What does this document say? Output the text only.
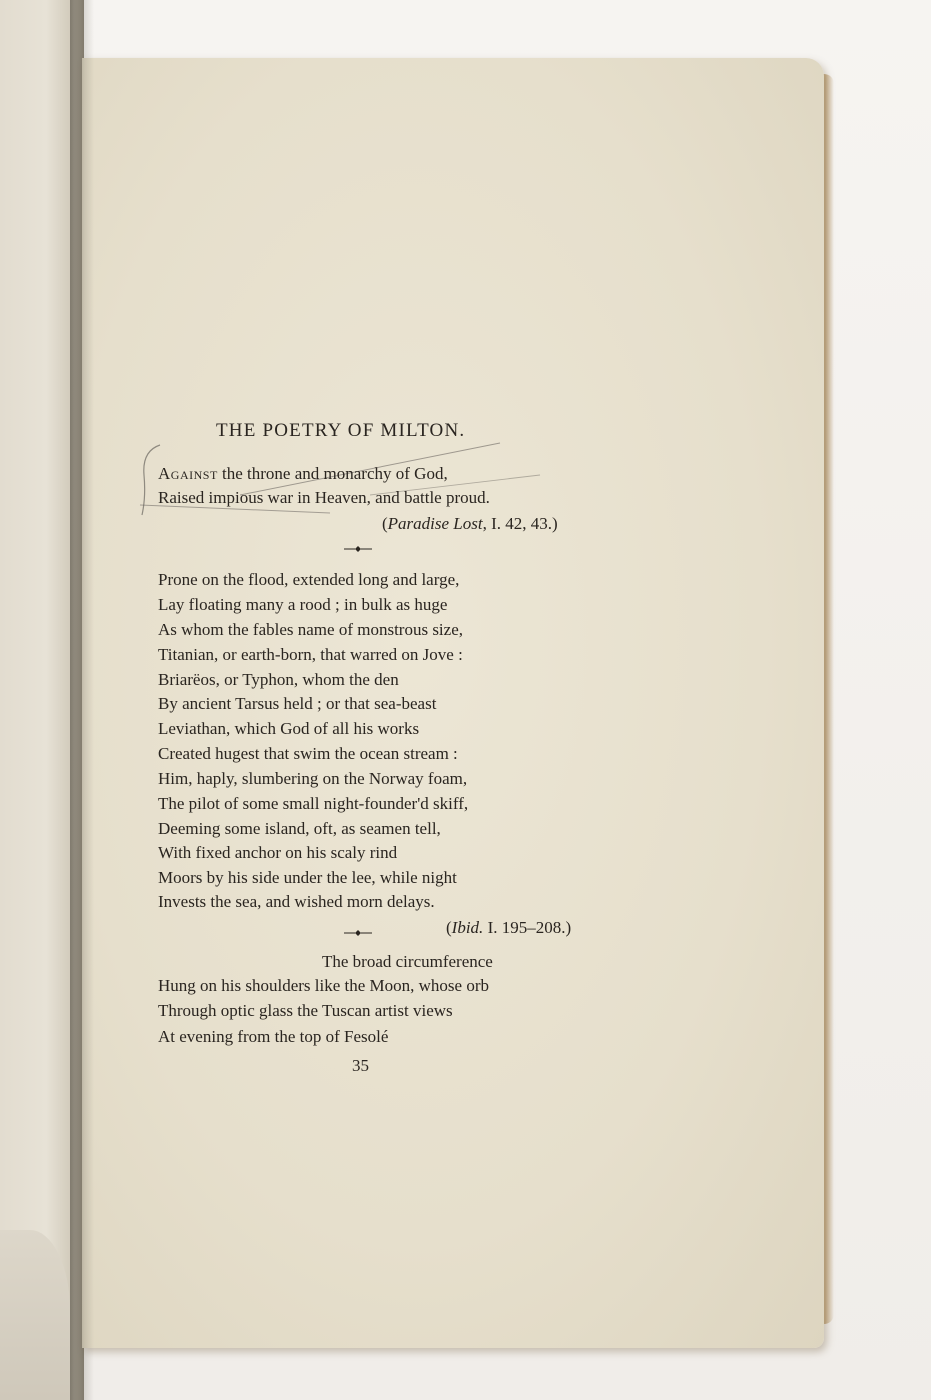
THE POETRY OF MILTON.
Against the throne and monarchy of God,
Raised impious war in Heaven, and battle proud.
(Paradise Lost, I. 42, 43.)
Prone on the flood, extended long and large,
Lay floating many a rood ; in bulk as huge
As whom the fables name of monstrous size,
Titanian, or earth-born, that warred on Jove :
Briarëos, or Typhon, whom the den
By ancient Tarsus held ; or that sea-beast
Leviathan, which God of all his works
Created hugest that swim the ocean stream :
Him, haply, slumbering on the Norway foam,
The pilot of some small night-founder'd skiff,
Deeming some island, oft, as seamen tell,
With fixed anchor on his scaly rind
Moors by his side under the lee, while night
Invests the sea, and wished morn delays.
(Ibid. I. 195–208.)
The broad circumference
Hung on his shoulders like the Moon, whose orb
Through optic glass the Tuscan artist views
At evening from the top of Fesolé
35
